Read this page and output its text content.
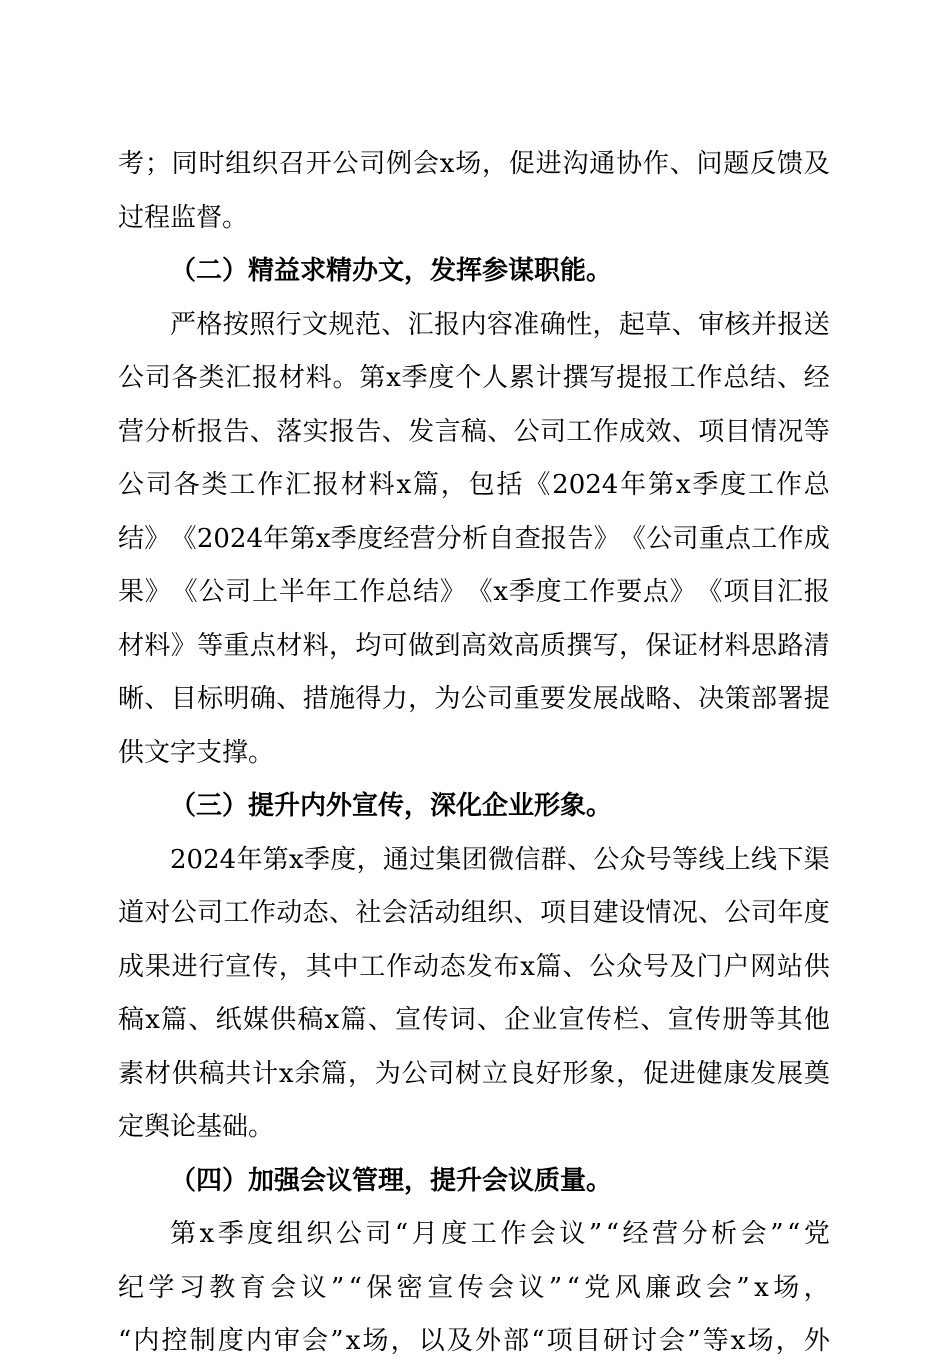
考 ； 同 时 组 织 召 开 公 司 例 会 x 场 ， 促 进 沟 通 协 作 、 问 题 反 馈 及
过程监督。
（二）精益求精办文，发挥参谋职能。
严 格 按 照 行 文 规 范 、 汇 报 内 容 准 确 性 ， 起 草 、 审 核 并 报 送
公 司 各 类 汇 报 材 料 。 第 x 季 度 个 人 累 计 撰 写 提 报 工 作 总 结 、 经
营 分 析 报 告 、 落 实 报 告 、 发 言 稿 、 公 司 工 作 成 效 、 项 目 情 况 等
公 司 各 类 工 作 汇 报 材 料 x 篇 ， 包 括 《 2024 年 第 x 季 度 工 作 总
结 》 《 2024 年 第 x 季 度 经 营 分 析 自 查 报 告 》 《 公 司 重 点 工 作 成
果 》 《 公 司 上 半 年 工 作 总 结 》 《 x 季 度 工 作 要 点 》 《 项 目 汇 报
材 料 》 等 重 点 材 料 ， 均 可 做 到 高 效 高 质 撰 写 ， 保 证 材 料 思 路 清
晰 、 目 标 明 确 、 措 施 得 力 ， 为 公 司 重 要 发 展 战 略 、 决 策 部 署 提
供文字支撑。
（三）提升内外宣传，深化企业形象。
2024 年 第 x 季 度 ， 通 过 集 团 微 信 群 、 公 众 号 等 线 上 线 下 渠
道 对 公 司 工 作 动 态 、 社 会 活 动 组 织 、 项 目 建 设 情 况 、 公 司 年 度
成 果 进 行 宣 传 ， 其 中 工 作 动 态 发 布 x 篇 、 公 众 号 及 门 户 网 站 供
稿 x 篇 、 纸 媒 供 稿 x 篇 、 宣 传 词 、 企 业 宣 传 栏 、 宣 传 册 等 其 他
素 材 供 稿 共 计 x 余 篇 ， 为 公 司 树 立 良 好 形 象 ， 促 进 健 康 发 展 奠
定舆论基础。
（四）加强会议管理，提升会议质量。
第 x 季 度 组 织 公 司 “ 月 度 工 作 会 议 ” “ 经 营 分 析 会 ” “ 党
纪 学 习 教 育 会 议 ” “ 保 密 宣 传 会 议 ” “ 党 风 廉 政 会 ” x 场 ，
“ 内 控 制 度 内 审 会 ” x 场 ， 以 及 外 部 “ 项 目 研 讨 会 ” 等 x 场 ， 外
